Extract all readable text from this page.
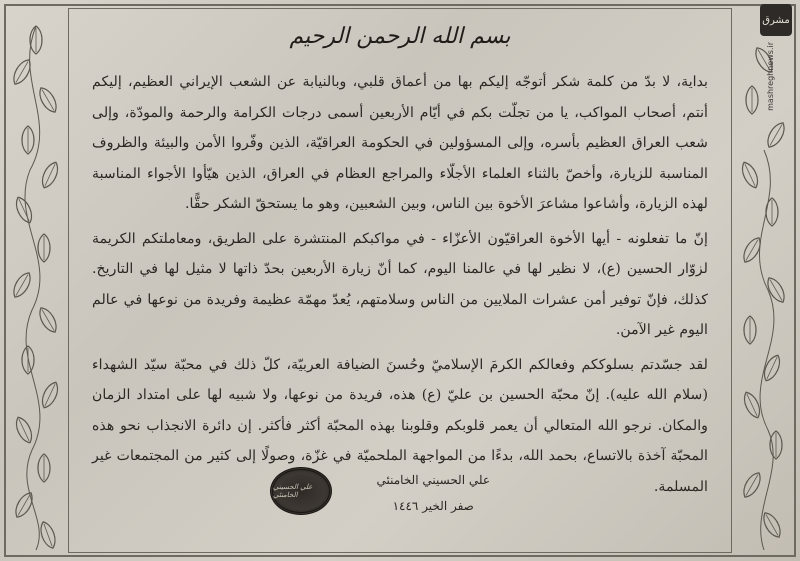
بسم الله الرحمن الرحيم

بداية، لا بدّ من كلمة شكر أتوجّه إليكم بها من أعماق قلبي، وبالنيابة عن الشعب الإيراني العظيم، إليكم أنتم، أصحاب المواكب، يا من تجلّت بكم في أيّام الأربعين أسمى درجات الكرامة والرحمة والمودّة، وإلى شعب العراق العظيم بأسره، وإلى المسؤولين في الحكومة العراقيّة، الذين وفّروا الأمن والبيئة والظروف المناسبة للزيارة، وأخصّ بالثناء العلماء الأجلّاء والمراجع العظام في العراق، الذين هيّأوا الأجواء المناسبة لهذه الزيارة، وأشاعوا مشاعرَ الأخوة بين الناس، وبين الشعبين، وهو ما يستحقّ الشكر حقًّا.

إنّ ما تفعلونه - أيها الأخوة العراقيّون الأعزّاء - في مواكبكم المنتشرة على الطريق، ومعاملتكم الكريمة لزوّار الحسين (ع)، لا نظير لها في عالمنا اليوم، كما أنّ زيارة الأربعين بحدّ ذاتها لا مثيل لها في التاريخ. كذلك، فإنّ توفير أمن عشرات الملايين من الناس وسلامتهم، يُعدّ مهمّة عظيمة وفريدة من نوعها في عالم اليوم غير الآمن.

لقد جسّدتم بسلوككم وفعالكم الكرمَ الإسلاميّ وحُسنَ الضيافة العربيّة، كلّ ذلك في محبّة سيّد الشهداء (سلام الله عليه). إنّ محبّة الحسين بن عليّ (ع) هذه، فريدة من نوعها، ولا شبيه لها على امتداد الزمان والمكان. نرجو الله المتعالي أن يعمر قلوبكم وقلوبنا بهذه المحبّة أكثر فأكثر. إن دائرة الانجذاب نحو هذه المحبّة آخذة بالاتساع، بحمد الله، بدءًا من المواجهة الملحميّة في غزّة، وصولًا إلى كثير من المجتمعات غير المسلمة.

علي الحسيني الخامنئي
علي الحسيني الخامنئي
صفر الخير ١٤٤٦
مشرق
mashreghnews.ir
